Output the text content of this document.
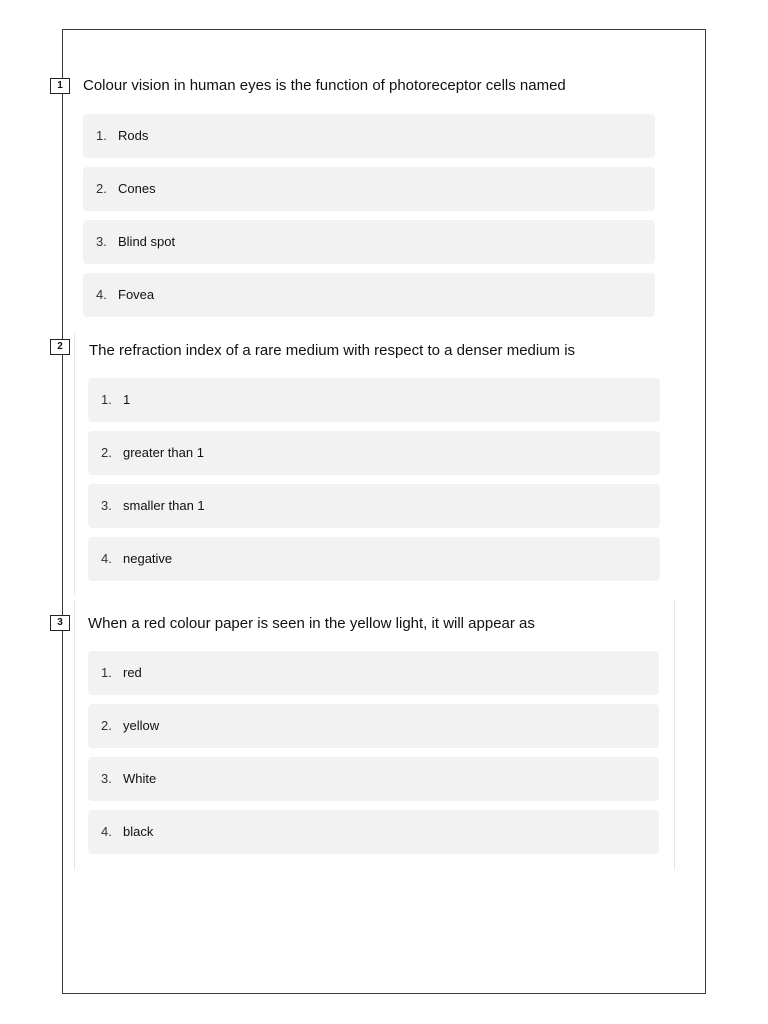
1	Colour vision in human eyes is the function of photoreceptor cells named
1. Rods
2. Cones
3. Blind spot
4. Fovea
2	The refraction index of a rare medium with respect to a denser medium is
1. 1
2. greater than 1
3. smaller than 1
4. negative
3	When a red colour paper is seen in the yellow light, it will appear as
1. red
2. yellow
3. White
4. black
